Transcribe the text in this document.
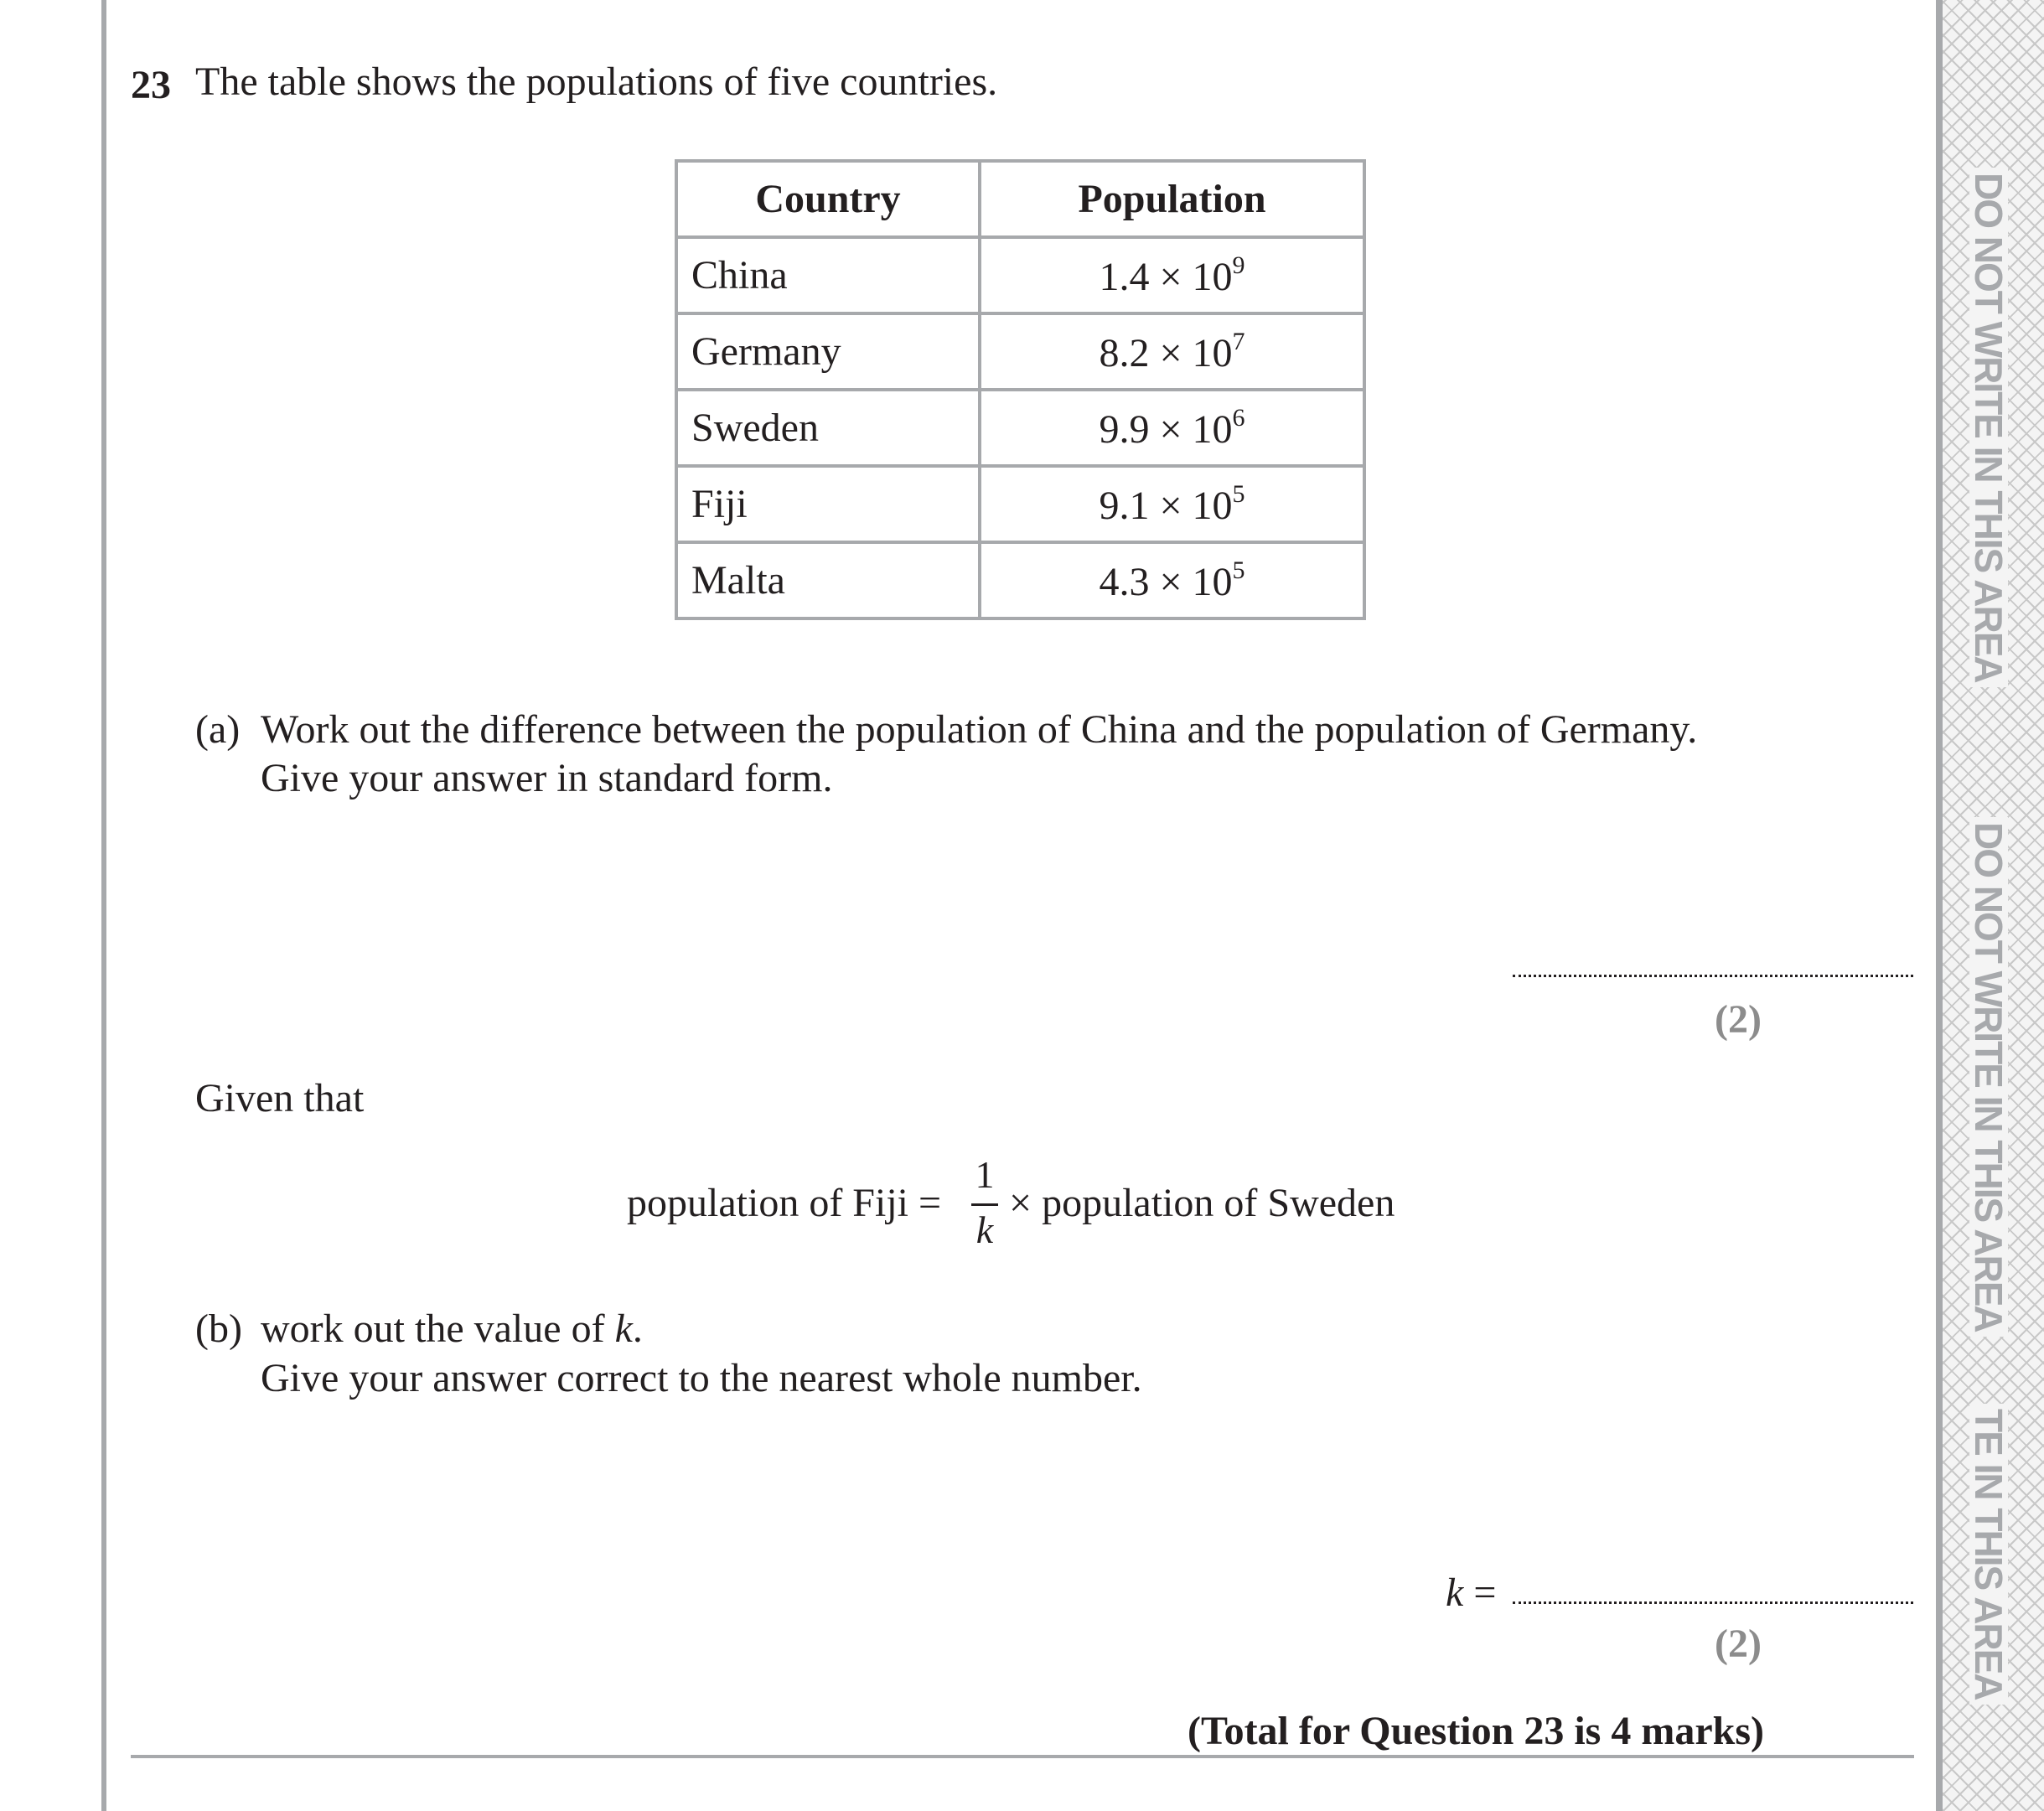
DO NOT WRITE IN THIS AREA
DO NOT WRITE IN THIS AREA
TE IN THIS AREA
23 The table shows the populations of five countries.
Country	Population
China	$1.4 \times 10^9$
Germany	$8.2 \times 10^7$
Sweden	$9.9 \times 10^6$
Fiji	$9.1 \times 10^5$
Malta	$4.3 \times 10^5$
(a) Work out the difference between the population of China and the population of Germany.
Give your answer in standard form.
(2)
Given that
population of Fiji =
1
k
× population of Sweden
(b) work out the value of k.
Give your answer correct to the nearest whole number.
k =
(2)
(Total for Question 23 is 4 marks)
